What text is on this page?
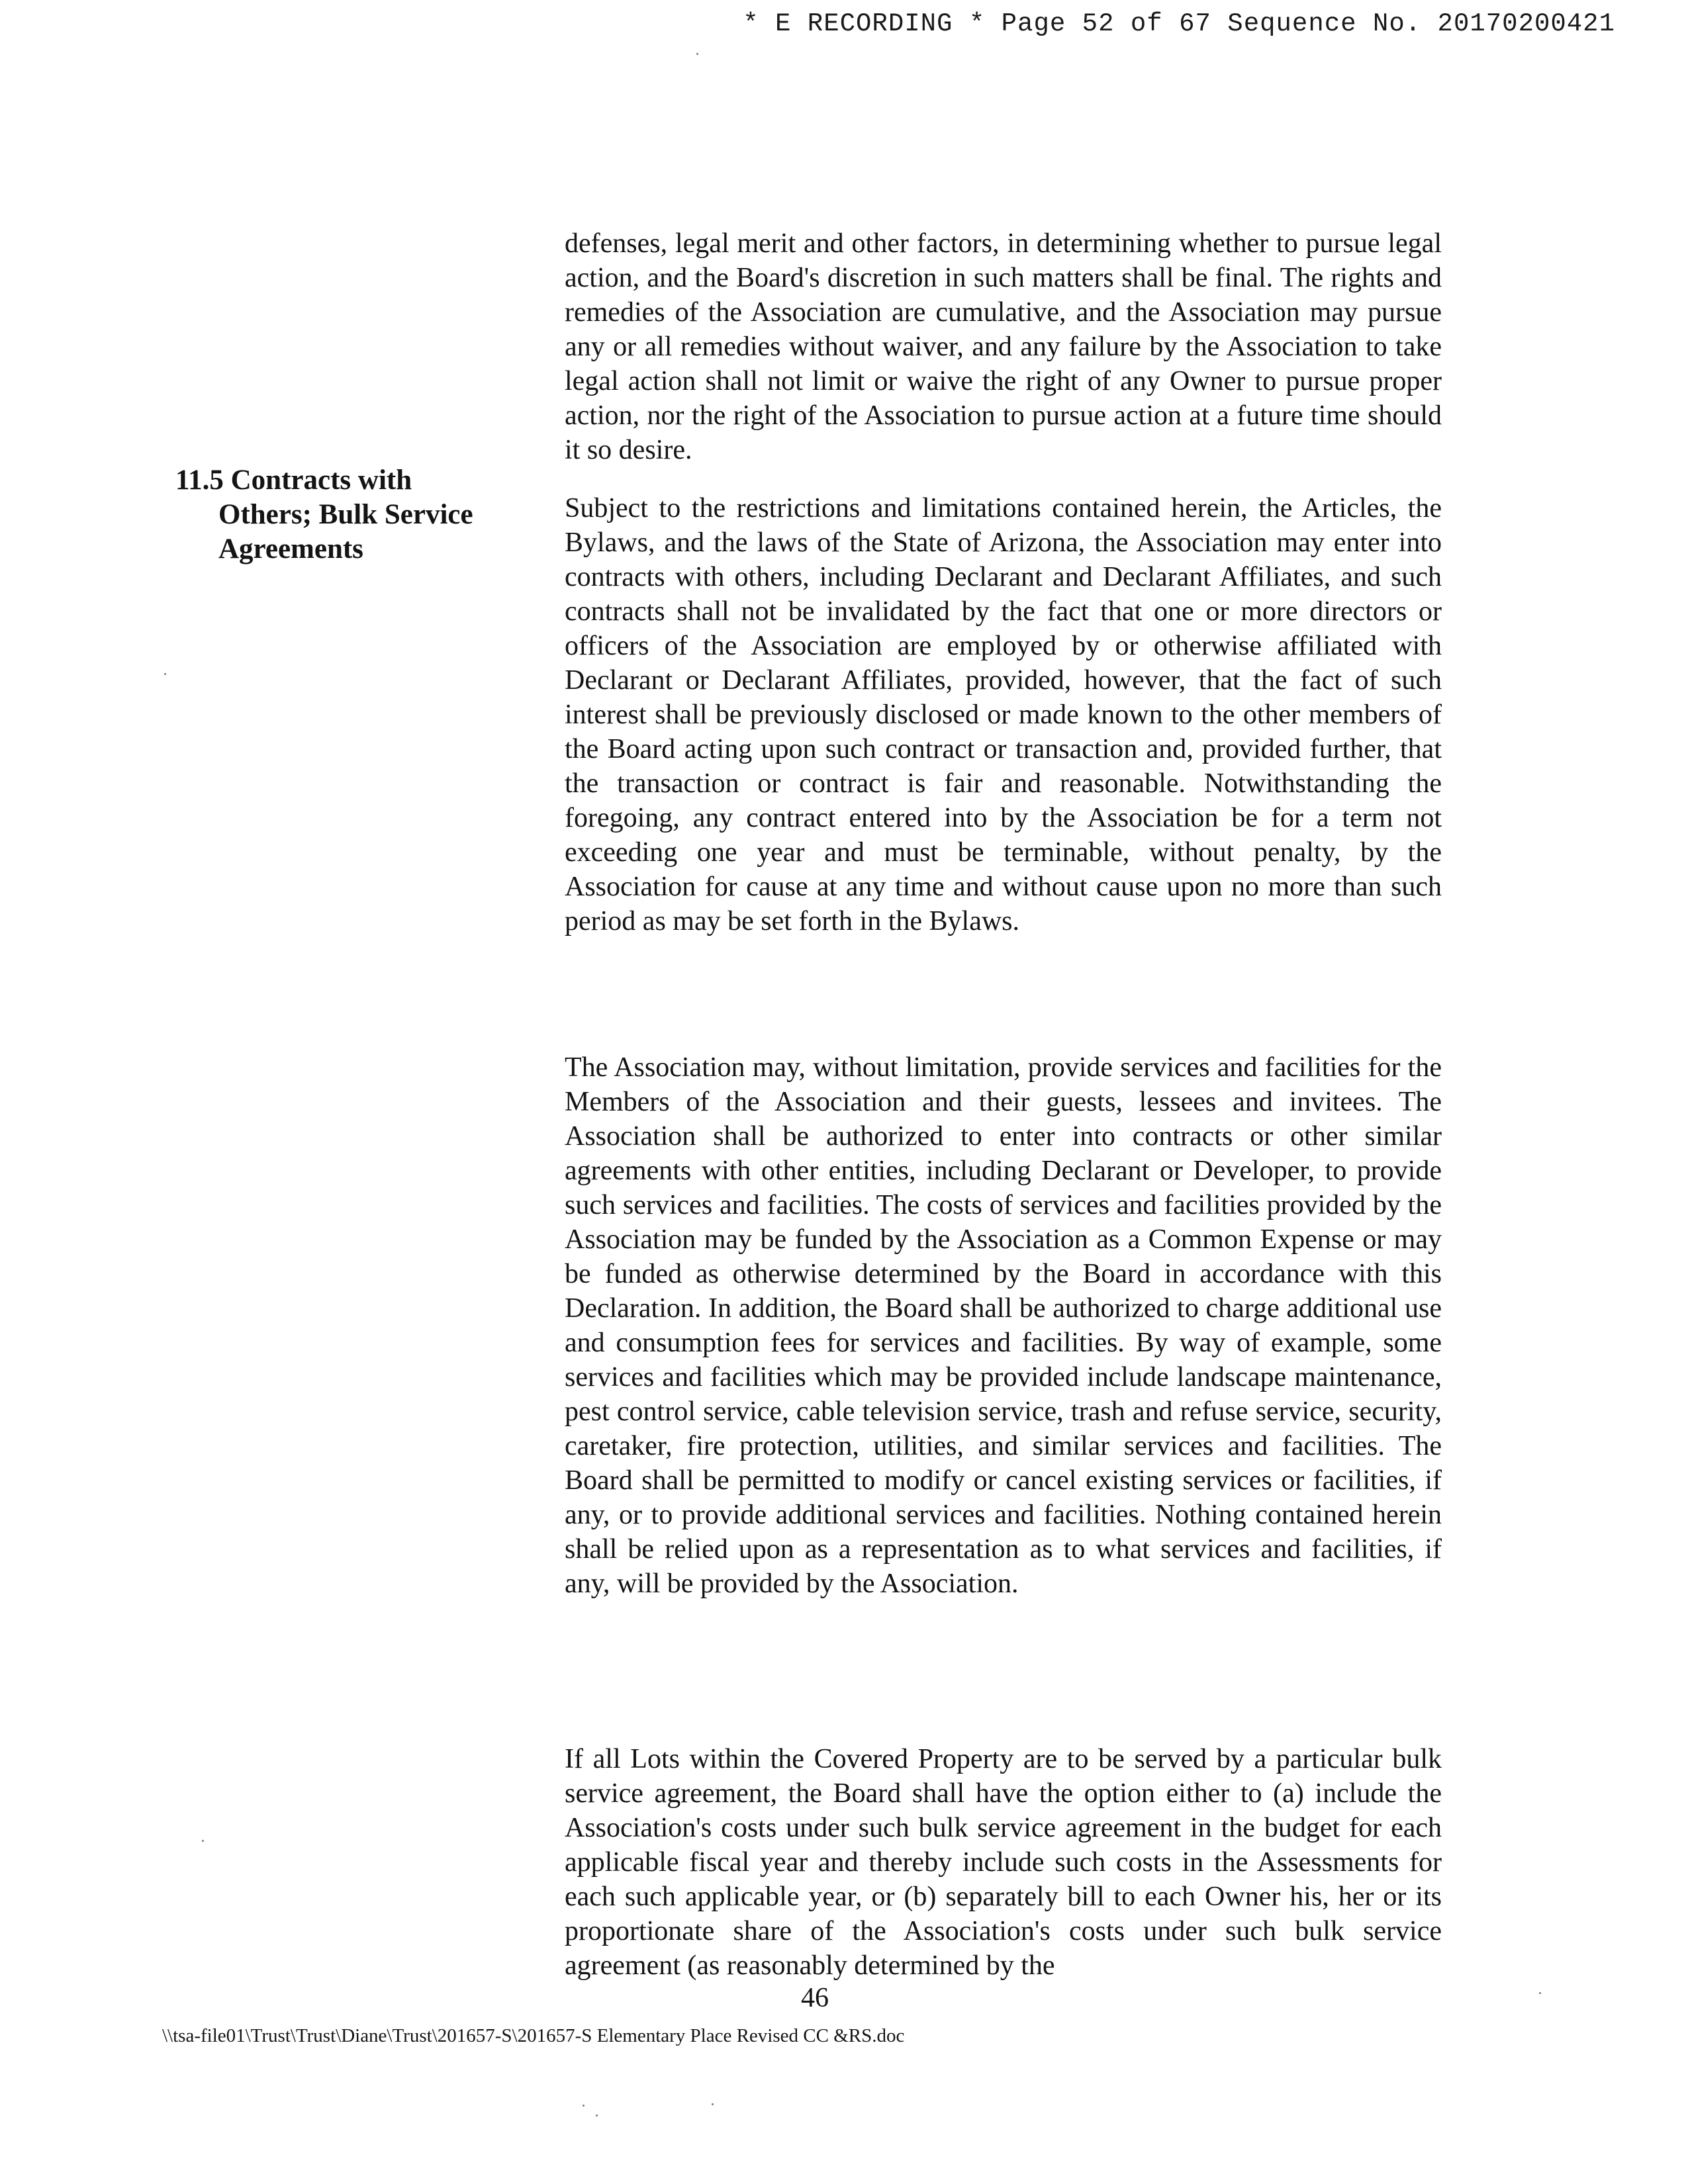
* E RECORDING * Page 52 of 67 Sequence No. 20170200421
11.5 Contracts with
Others; Bulk Service
Agreements

defenses, legal merit and other factors, in determining whether to pursue legal action, and the Board's discretion in such matters shall be final. The rights and remedies of the Association are cumulative, and the Association may pursue any or all remedies without waiver, and any failure by the Association to take legal action shall not limit or waive the right of any Owner to pursue proper action, nor the right of the Association to pursue action at a future time should it so desire.

Subject to the restrictions and limitations contained herein, the Articles, the Bylaws, and the laws of the State of Arizona, the Association may enter into contracts with others, including Declarant and Declarant Affiliates, and such contracts shall not be invalidated by the fact that one or more directors or officers of the Association are employed by or otherwise affiliated with Declarant or Declarant Affiliates, provided, however, that the fact of such interest shall be previously disclosed or made known to the other members of the Board acting upon such contract or transaction and, provided further, that the transaction or contract is fair and reasonable. Notwithstanding the foregoing, any contract entered into by the Association be for a term not exceeding one year and must be terminable, without penalty, by the Association for cause at any time and without cause upon no more than such period as may be set forth in the Bylaws.

The Association may, without limitation, provide services and facilities for the Members of the Association and their guests, lessees and invitees. The Association shall be authorized to enter into contracts or other similar agreements with other entities, including Declarant or Developer, to provide such services and facilities. The costs of services and facilities provided by the Association may be funded by the Association as a Common Expense or may be funded as otherwise determined by the Board in accordance with this Declaration. In addition, the Board shall be authorized to charge additional use and consumption fees for services and facilities. By way of example, some services and facilities which may be provided include landscape maintenance, pest control service, cable television service, trash and refuse service, security, caretaker, fire protection, utilities, and similar services and facilities. The Board shall be permitted to modify or cancel existing services or facilities, if any, or to provide additional services and facilities. Nothing contained herein shall be relied upon as a representation as to what services and facilities, if any, will be provided by the Association.

If all Lots within the Covered Property are to be served by a particular bulk service agreement, the Board shall have the option either to (a) include the Association's costs under such bulk service agreement in the budget for each applicable fiscal year and thereby include such costs in the Assessments for each such applicable year, or (b) separately bill to each Owner his, her or its proportionate share of the Association's costs under such bulk service agreement (as reasonably determined by the

46
\\tsa-file01\Trust\Trust\Diane\Trust\201657-S\201657-S Elementary Place Revised CC &RS.doc
